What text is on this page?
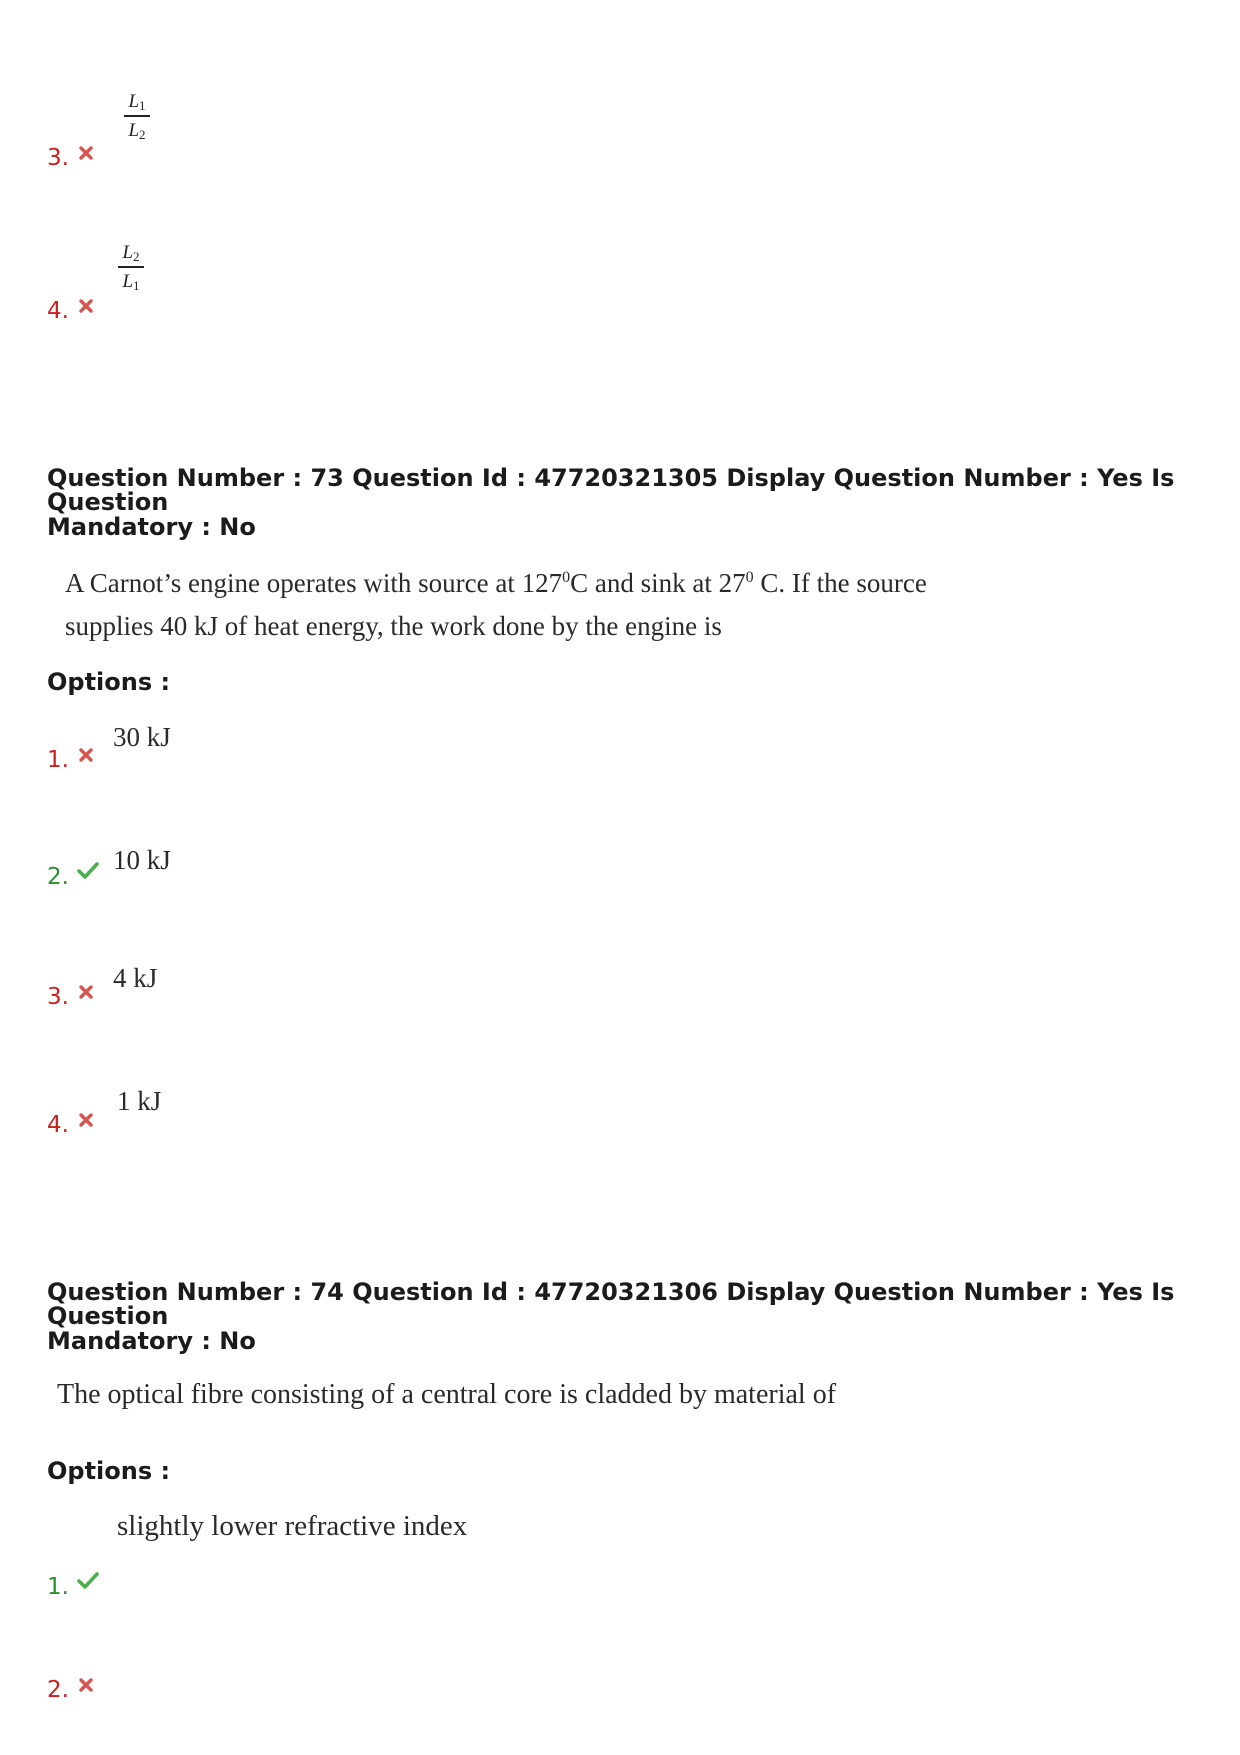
3.
$L_1$
$L_2$
4.
$L_2$
$L_1$
Question Number : 73 Question Id : 47720321305 Display Question Number : Yes Is Question
Mandatory : No
A Carnot’s engine operates with source at $127^0C$ and sink at $27^0$ C. If the source
supplies 40 kJ of heat energy, the work done by the engine is
Options :
1.
30 kJ
2.
10 kJ
3.
4 kJ
4.
1 kJ
Question Number : 74 Question Id : 47720321306 Display Question Number : Yes Is Question
Mandatory : No
The optical fibre consisting of a central core is cladded by material of
Options :
1.
slightly lower refractive index
2.
